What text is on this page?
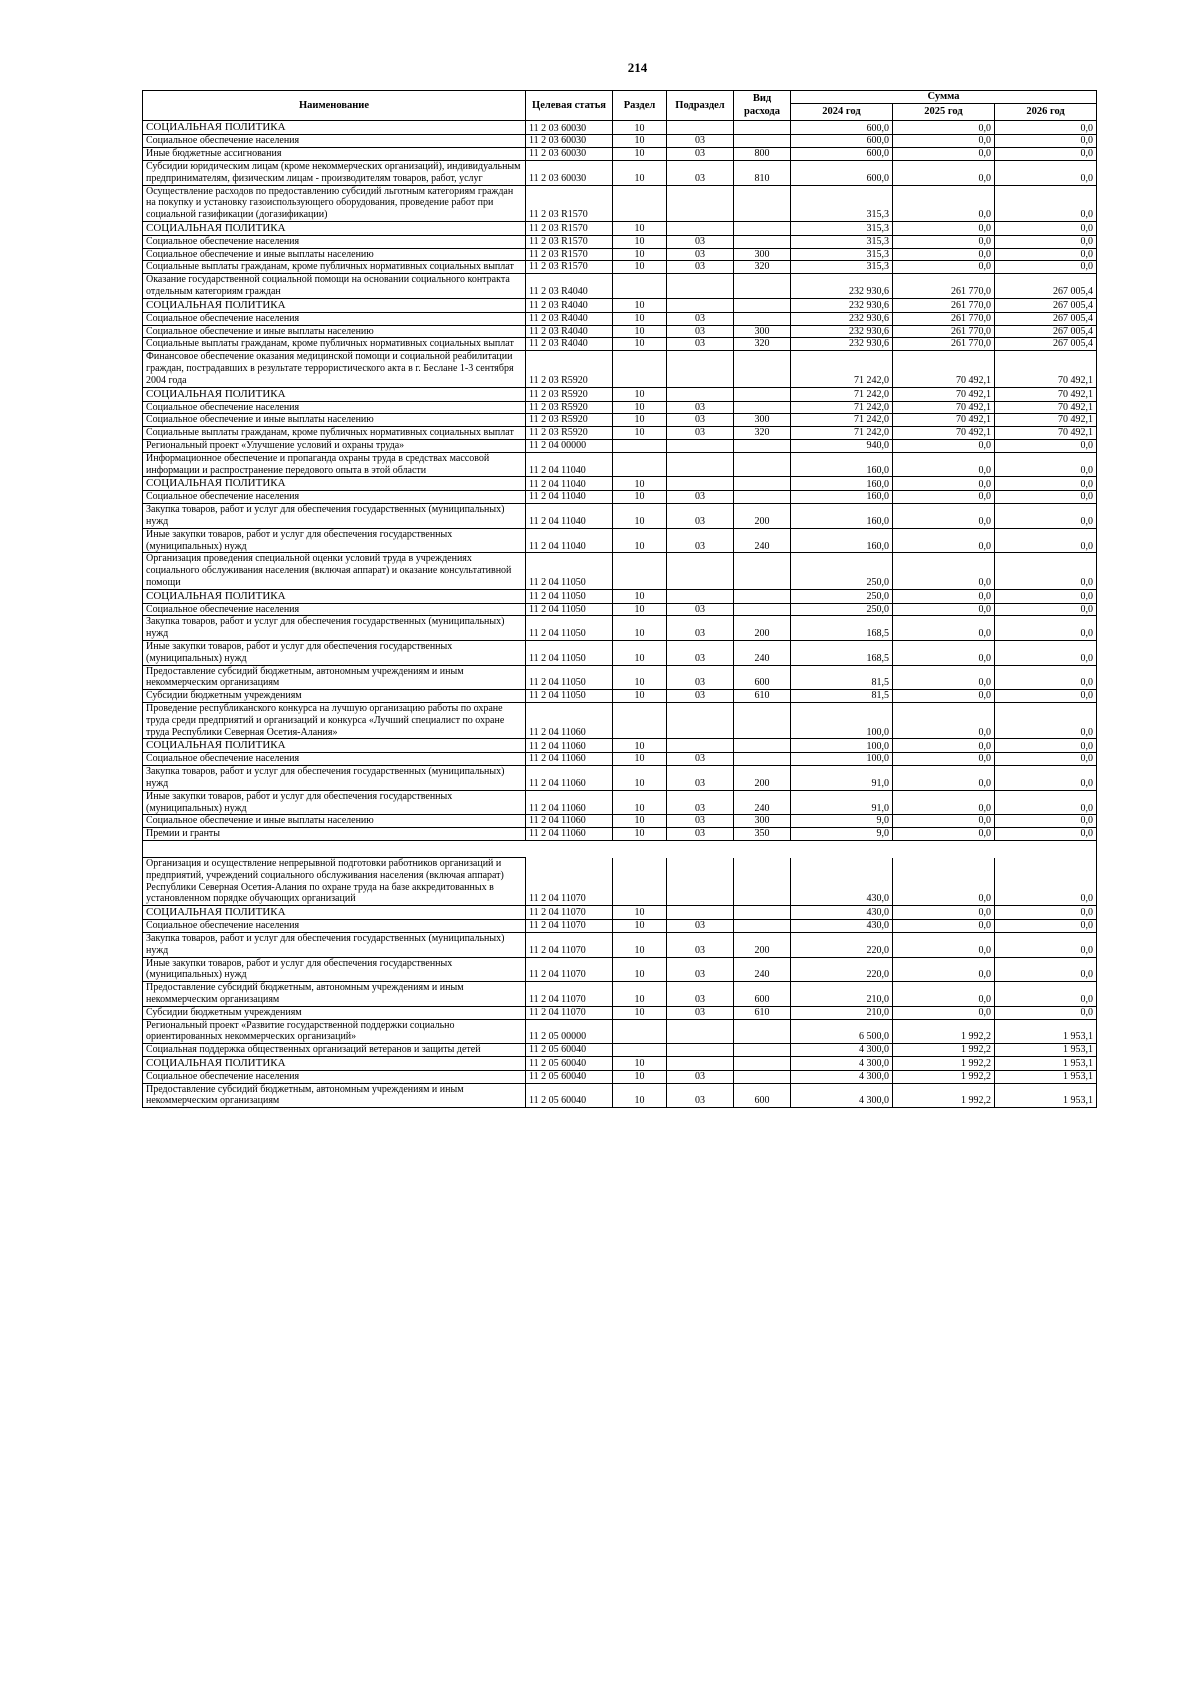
214
Наименование	Целевая статья	Раздел	Подраздел	Вид расхода	Сумма		
					2024 год	2025 год	2026 год

СОЦИАЛЬНАЯ ПОЛИТИКА	11 2 03 60030	10			600,0	0,0	0,0
Социальное обеспечение населения	11 2 03 60030	10	03		600,0	0,0	0,0
Иные бюджетные ассигнования	11 2 03 60030	10	03	800	600,0	0,0	0,0
Субсидии юридическим лицам (кроме некоммерческих организаций), индивидуальным предпринимателям, физическим лицам - производителям товаров, работ, услуг	11 2 03 60030	10	03	810	600,0	0,0	0,0
Осуществление расходов по предоставлению субсидий льготным категориям граждан на покупку и установку газоиспользующего оборудования, проведение работ при социальной газификации (догазификации)	11 2 03 R1570				315,3	0,0	0,0
СОЦИАЛЬНАЯ ПОЛИТИКА	11 2 03 R1570	10			315,3	0,0	0,0
Социальное обеспечение населения	11 2 03 R1570	10	03		315,3	0,0	0,0
Социальное обеспечение и иные выплаты населению	11 2 03 R1570	10	03	300	315,3	0,0	0,0
Социальные выплаты гражданам, кроме публичных нормативных социальных выплат	11 2 03 R1570	10	03	320	315,3	0,0	0,0
Оказание государственной социальной помощи на основании социального контракта отдельным категориям граждан	11 2 03 R4040				232 930,6	261 770,0	267 005,4
СОЦИАЛЬНАЯ ПОЛИТИКА	11 2 03 R4040	10			232 930,6	261 770,0	267 005,4
Социальное обеспечение населения	11 2 03 R4040	10	03		232 930,6	261 770,0	267 005,4
Социальное обеспечение и иные выплаты населению	11 2 03 R4040	10	03	300	232 930,6	261 770,0	267 005,4
Социальные выплаты гражданам, кроме публичных нормативных социальных выплат	11 2 03 R4040	10	03	320	232 930,6	261 770,0	267 005,4
Финансовое обеспечение оказания медицинской помощи и социальной реабилитации граждан, пострадавших в результате террористического акта в г. Беслане 1-3 сентября 2004 года	11 2 03 R5920				71 242,0	70 492,1	70 492,1
СОЦИАЛЬНАЯ ПОЛИТИКА	11 2 03 R5920	10			71 242,0	70 492,1	70 492,1
Социальное обеспечение населения	11 2 03 R5920	10	03		71 242,0	70 492,1	70 492,1
Социальное обеспечение и иные выплаты населению	11 2 03 R5920	10	03	300	71 242,0	70 492,1	70 492,1
Социальные выплаты гражданам, кроме публичных нормативных социальных выплат	11 2 03 R5920	10	03	320	71 242,0	70 492,1	70 492,1
Региональный проект «Улучшение условий и охраны труда»	11 2 04 00000				940,0	0,0	0,0
Информационное обеспечение и пропаганда охраны труда в средствах массовой информации и распространение передового опыта в этой области	11 2 04 11040				160,0	0,0	0,0
СОЦИАЛЬНАЯ ПОЛИТИКА	11 2 04 11040	10			160,0	0,0	0,0
Социальное обеспечение населения	11 2 04 11040	10	03		160,0	0,0	0,0
Закупка товаров, работ и услуг для обеспечения государственных (муниципальных) нужд	11 2 04 11040	10	03	200	160,0	0,0	0,0
Иные закупки товаров, работ и услуг для обеспечения государственных (муниципальных) нужд	11 2 04 11040	10	03	240	160,0	0,0	0,0
Организация проведения специальной оценки условий труда в учреждениях социального обслуживания населения (включая аппарат) и оказание консультативной помощи	11 2 04 11050				250,0	0,0	0,0
СОЦИАЛЬНАЯ ПОЛИТИКА	11 2 04 11050	10			250,0	0,0	0,0
Социальное обеспечение населения	11 2 04 11050	10	03		250,0	0,0	0,0
Закупка товаров, работ и услуг для обеспечения государственных (муниципальных) нужд	11 2 04 11050	10	03	200	168,5	0,0	0,0
Иные закупки товаров, работ и услуг для обеспечения государственных (муниципальных) нужд	11 2 04 11050	10	03	240	168,5	0,0	0,0
Предоставление субсидий бюджетным, автономным учреждениям и иным некоммерческим организациям	11 2 04 11050	10	03	600	81,5	0,0	0,0
Субсидии бюджетным учреждениям	11 2 04 11050	10	03	610	81,5	0,0	0,0
Проведение республиканского конкурса на лучшую организацию работы по охране труда среди предприятий и организаций и конкурса «Лучший специалист по охране труда Республики Северная Осетия-Алания»	11 2 04 11060				100,0	0,0	0,0
СОЦИАЛЬНАЯ ПОЛИТИКА	11 2 04 11060	10			100,0	0,0	0,0
Социальное обеспечение населения	11 2 04 11060	10	03		100,0	0,0	0,0
Закупка товаров, работ и услуг для обеспечения государственных (муниципальных) нужд	11 2 04 11060	10	03	200	91,0	0,0	0,0
Иные закупки товаров, работ и услуг для обеспечения государственных (муниципальных) нужд	11 2 04 11060	10	03	240	91,0	0,0	0,0
Социальное обеспечение и иные выплаты населению	11 2 04 11060	10	03	300	9,0	0,0	0,0
Премии и гранты	11 2 04 11060	10	03	350	9,0	0,0	0,0

Организация и осуществление непрерывной подготовки работников организаций и предприятий, учреждений социального обслуживания населения (включая аппарат) Республики Северная Осетия-Алания по охране труда на базе аккредитованных в установленном порядке обучающих организаций	11 2 04 11070				430,0	0,0	0,0
СОЦИАЛЬНАЯ ПОЛИТИКА	11 2 04 11070	10			430,0	0,0	0,0
Социальное обеспечение населения	11 2 04 11070	10	03		430,0	0,0	0,0
Закупка товаров, работ и услуг для обеспечения государственных (муниципальных) нужд	11 2 04 11070	10	03	200	220,0	0,0	0,0
Иные закупки товаров, работ и услуг для обеспечения государственных (муниципальных) нужд	11 2 04 11070	10	03	240	220,0	0,0	0,0
Предоставление субсидий бюджетным, автономным учреждениям и иным некоммерческим организациям	11 2 04 11070	10	03	600	210,0	0,0	0,0
Субсидии бюджетным учреждениям	11 2 04 11070	10	03	610	210,0	0,0	0,0
Региональный проект «Развитие государственной поддержки социально ориентированных некоммерческих организаций»	11 2 05 00000				6 500,0	1 992,2	1 953,1
Социальная поддержка общественных организаций ветеранов и защиты детей	11 2 05 60040				4 300,0	1 992,2	1 953,1
СОЦИАЛЬНАЯ ПОЛИТИКА	11 2 05 60040	10			4 300,0	1 992,2	1 953,1
Социальное обеспечение населения	11 2 05 60040	10	03		4 300,0	1 992,2	1 953,1
Предоставление субсидий бюджетным, автономным учреждениям и иным некоммерческим организациям	11 2 05 60040	10	03	600	4 300,0	1 992,2	1 953,1
